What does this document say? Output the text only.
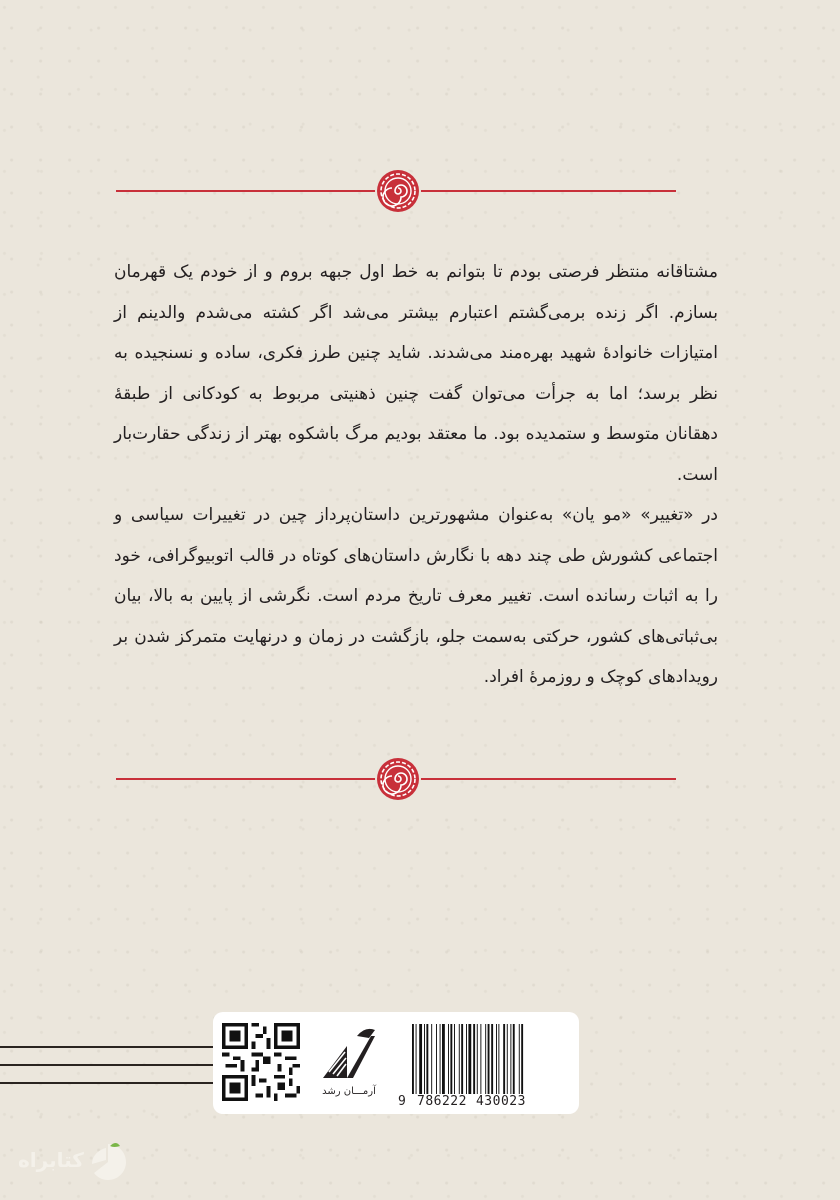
مشتاقانه منتظر فرصتی بودم تا بتوانم به خط اول جبهه بروم و از خودم یک قهرمان بسازم. اگر زنده برمی‌گشتم اعتبارم بیشتر می‌شد اگر کشته می‌شدم والدینم از امتیازات خانوادهٔ شهید بهره‌مند می‌شدند. شاید چنین طرز فکری، ساده و نسنجیده به نظر برسد؛ اما به جرأت می‌توان گفت چنین ذهنیتی مربوط به کودکانی از طبقهٔ دهقانان متوسط و ستمدیده بود. ما معتقد بودیم مرگ باشکوه بهتر از زندگی حقارت‌بار است.

در «تغییر» «مو یان» به‌عنوان مشهورترین داستان‌پرداز چین در تغییرات سیاسی و اجتماعی کشورش طی چند دهه با نگارش داستان‌های کوتاه در قالب اتوبیوگرافی، خود را به اثبات رسانده است. تغییر معرف تاریخ مردم است. نگرشی از پایین به بالا، بیان بی‌ثباتی‌های کشور، حرکتی به‌سمت جلو، بازگشت در زمان و درنهایت متمرکز شدن بر رویدادهای کوچک و روزمرهٔ افراد.

آرمـــان رشد
9 786222 430023
کتابراه
